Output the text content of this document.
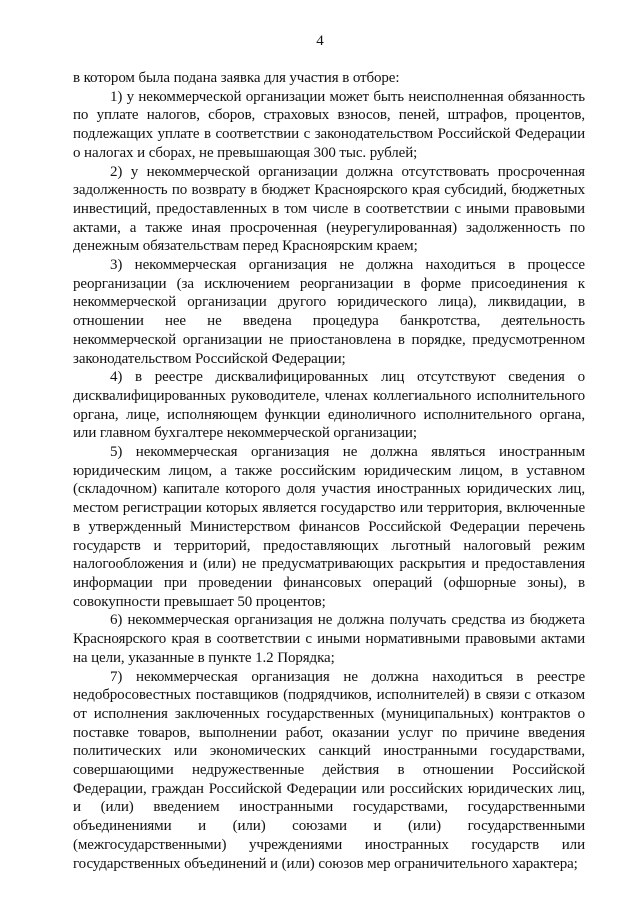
4

в котором была подана заявка для участия в отборе:

1) у некоммерческой организации может быть неисполненная обязанность по уплате налогов, сборов, страховых взносов, пеней, штрафов, процентов, подлежащих уплате в соответствии с законодательством Российской Федерации о налогах и сборах, не превышающая 300 тыс. рублей;

2) у некоммерческой организации должна отсутствовать просроченная задолженность по возврату в бюджет Красноярского края субсидий, бюджетных инвестиций, предоставленных в том числе в соответствии с иными правовыми актами, а также иная просроченная (неурегулированная) задолженность по денежным обязательствам перед Красноярским краем;

3) некоммерческая организация не должна находиться в процессе реорганизации (за исключением реорганизации в форме присоединения к некоммерческой организации другого юридического лица), ликвидации, в отношении нее не введена процедура банкротства, деятельность некоммерческой организации не приостановлена в порядке, предусмотренном законодательством Российской Федерации;

4) в реестре дисквалифицированных лиц отсутствуют сведения о дисквалифицированных руководителе, членах коллегиального исполнительного органа, лице, исполняющем функции единоличного исполнительного органа, или главном бухгалтере некоммерческой организации;

5) некоммерческая организация не должна являться иностранным юридическим лицом, а также российским юридическим лицом, в уставном (складочном) капитале которого доля участия иностранных юридических лиц, местом регистрации которых является государство или территория, включенные в утвержденный Министерством финансов Российской Федерации перечень государств и территорий, предоставляющих льготный налоговый режим налогообложения и (или) не предусматривающих раскрытия и предоставления информации при проведении финансовых операций (офшорные зоны), в совокупности превышает 50 процентов;

6) некоммерческая организация не должна получать средства из бюджета Красноярского края в соответствии с иными нормативными правовыми актами на цели, указанные в пункте 1.2 Порядка;

7) некоммерческая организация не должна находиться в реестре недобросовестных поставщиков (подрядчиков, исполнителей) в связи с отказом от исполнения заключенных государственных (муниципальных) контрактов о поставке товаров, выполнении работ, оказании услуг по причине введения политических или экономических санкций иностранными государствами, совершающими недружественные действия в отношении Российской Федерации, граждан Российской Федерации или российских юридических лиц, и (или) введением иностранными государствами, государственными объединениями и (или) союзами и (или) государственными (межгосударственными) учреждениями иностранных государств или государственных объединений и (или) союзов мер ограничительного характера;
